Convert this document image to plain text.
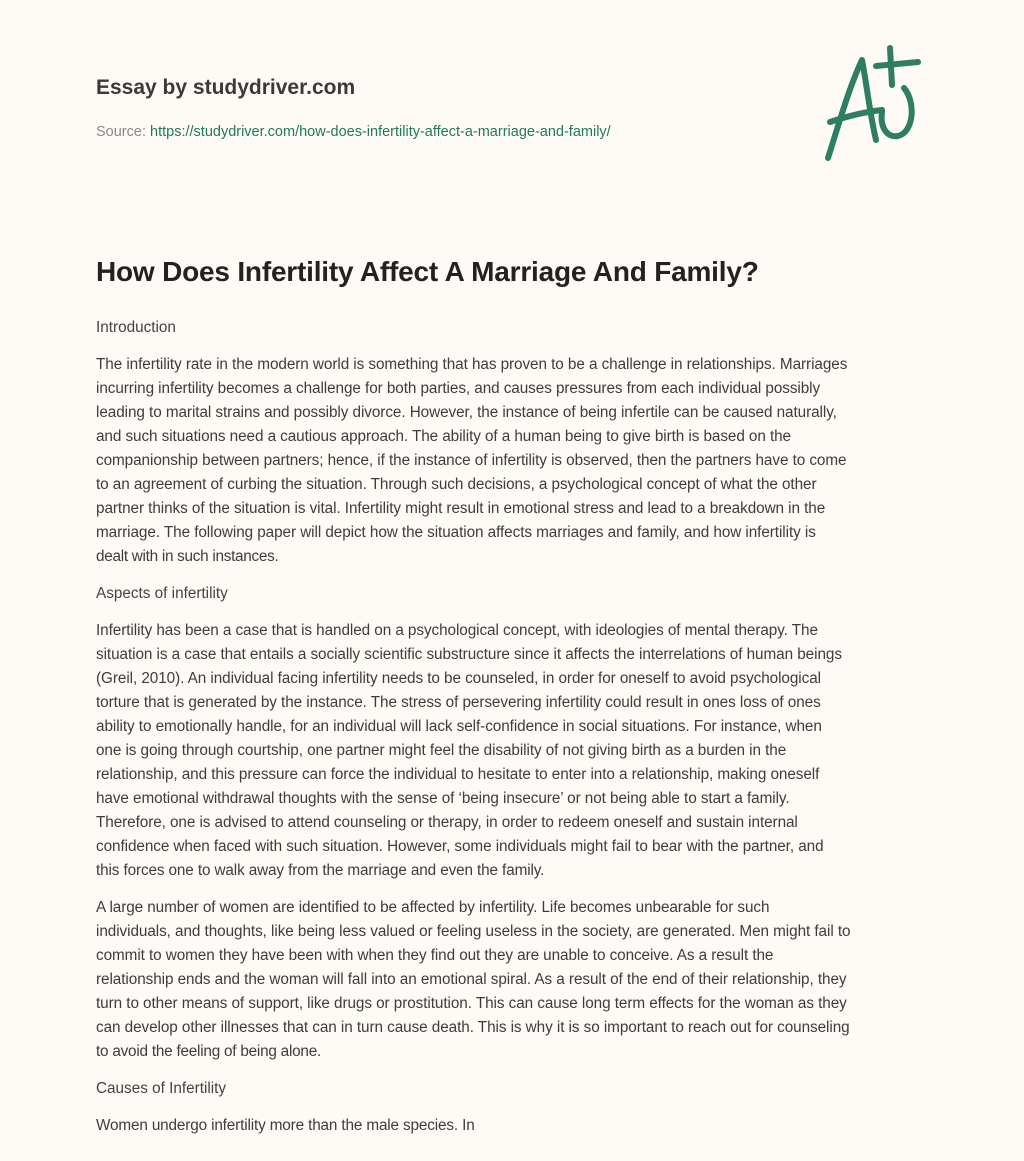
Essay by studydriver.com
Source: https://studydriver.com/how-does-infertility-affect-a-marriage-and-family/
How Does Infertility Affect A Marriage And Family?
Introduction
The infertility rate in the modern world is something that has proven to be a challenge in relationships. Marriages
incurring infertility becomes a challenge for both parties, and causes pressures from each individual possibly
leading to marital strains and possibly divorce. However, the instance of being infertile can be caused naturally,
and such situations need a cautious approach. The ability of a human being to give birth is based on the
companionship between partners; hence, if the instance of infertility is observed, then the partners have to come
to an agreement of curbing the situation. Through such decisions, a psychological concept of what the other
partner thinks of the situation is vital. Infertility might result in emotional stress and lead to a breakdown in the
marriage. The following paper will depict how the situation affects marriages and family, and how infertility is
dealt with in such instances.
Aspects of infertility
Infertility has been a case that is handled on a psychological concept, with ideologies of mental therapy. The
situation is a case that entails a socially scientific substructure since it affects the interrelations of human beings
(Greil, 2010). An individual facing infertility needs to be counseled, in order for oneself to avoid psychological
torture that is generated by the instance. The stress of persevering infertility could result in ones loss of ones
ability to emotionally handle, for an individual will lack self-confidence in social situations. For instance, when
one is going through courtship, one partner might feel the disability of not giving birth as a burden in the
relationship, and this pressure can force the individual to hesitate to enter into a relationship, making oneself
have emotional withdrawal thoughts with the sense of ‘being insecure’ or not being able to start a family.
Therefore, one is advised to attend counseling or therapy, in order to redeem oneself and sustain internal
confidence when faced with such situation. However, some individuals might fail to bear with the partner, and
this forces one to walk away from the marriage and even the family.
A large number of women are identified to be affected by infertility. Life becomes unbearable for such
individuals, and thoughts, like being less valued or feeling useless in the society, are generated. Men might fail to
commit to women they have been with when they find out they are unable to conceive. As a result the
relationship ends and the woman will fall into an emotional spiral. As a result of the end of their relationship, they
turn to other means of support, like drugs or prostitution. This can cause long term effects for the woman as they
can develop other illnesses that can in turn cause death. This is why it is so important to reach out for counseling
to avoid the feeling of being alone.
Causes of Infertility
Women undergo infertility more than the male species. In
